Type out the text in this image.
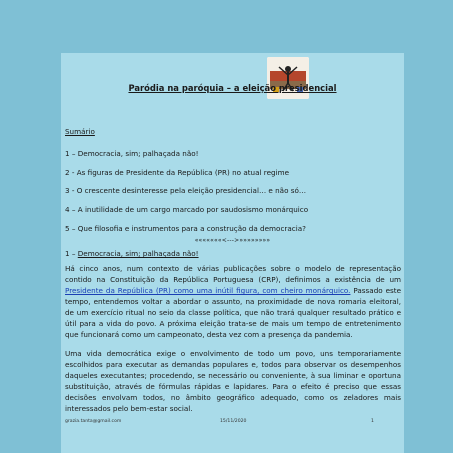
Paródia na paróquia – a eleição presidencial
Sumário
1 – Democracia, sim; palhaçada não!
2 - As figuras de Presidente da República (PR) no atual regime
3 - O crescente desinteresse pela eleição presidencial… e não só…
4 – A inutilidade de um cargo marcado por saudosismo monárquico
5 – Que filosofia e instrumentos para a construção da democracia?
«««««««<--->»»»»»»»»
1 – Democracia, sim; palhaçada não!
Há cinco anos, num contexto de várias publicações sobre o modelo de representação contido na Constituição da República Portuguesa (CRP), definimos a existência de um Presidente da República (PR) como uma inútil figura, com cheiro monárquico. Passado este tempo, entendemos voltar a abordar o assunto, na proximidade de nova romaria eleitoral, de um exercício ritual no seio da classe política, que não trará qualquer resultado prático e útil para a vida do povo. A próxima eleição trata-se de mais um tempo de entretenimento que funcionará como um campeonato, desta vez com a presença da pandemia.
Uma vida democrática exige o envolvimento de todo um povo, uns temporariamente escolhidos para executar as demandas populares e, todos para observar os desempenhos daqueles executantes; procedendo, se necessário ou conveniente, à sua liminar e oportuna substituição, através de fórmulas rápidas e lapidares. Para o efeito é preciso que essas decisões envolvam todos, no âmbito geográfico adequado, como os zeladores mais interessados pelo bem-estar social.
grazia.tanta@gmail.com	15/11/2020	1
